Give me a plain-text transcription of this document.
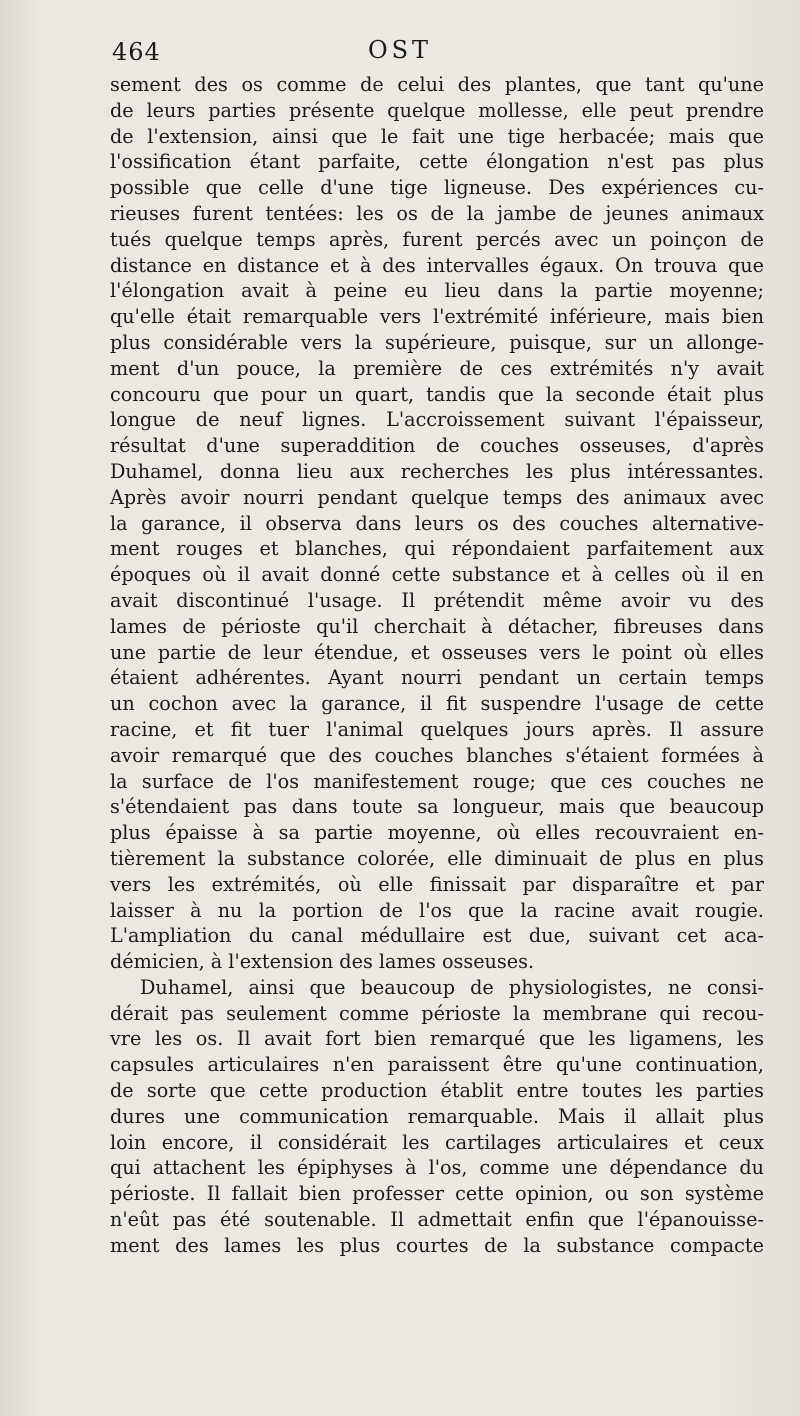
464	OST
sement des os comme de celui des plantes, que tant qu'une
de leurs parties présente quelque mollesse, elle peut prendre
de l'extension, ainsi que le fait une tige herbacée; mais que
l'ossification étant parfaite, cette élongation n'est pas plus
possible que celle d'une tige ligneuse. Des expériences cu-
rieuses furent tentées: les os de la jambe de jeunes animaux
tués quelque temps après, furent percés avec un poinçon de
distance en distance et à des intervalles égaux. On trouva que
l'élongation avait à peine eu lieu dans la partie moyenne;
qu'elle était remarquable vers l'extrémité inférieure, mais bien
plus considérable vers la supérieure, puisque, sur un allonge-
ment d'un pouce, la première de ces extrémités n'y avait
concouru que pour un quart, tandis que la seconde était plus
longue de neuf lignes. L'accroissement suivant l'épaisseur,
résultat d'une superaddition de couches osseuses, d'après
Duhamel, donna lieu aux recherches les plus intéressantes.
Après avoir nourri pendant quelque temps des animaux avec
la garance, il observa dans leurs os des couches alternative-
ment rouges et blanches, qui répondaient parfaitement aux
époques où il avait donné cette substance et à celles où il en
avait discontinué l'usage. Il prétendit même avoir vu des
lames de périoste qu'il cherchait à détacher, fibreuses dans
une partie de leur étendue, et osseuses vers le point où elles
étaient adhérentes. Ayant nourri pendant un certain temps
un cochon avec la garance, il fit suspendre l'usage de cette
racine, et fit tuer l'animal quelques jours après. Il assure
avoir remarqué que des couches blanches s'étaient formées à
la surface de l'os manifestement rouge; que ces couches ne
s'étendaient pas dans toute sa longueur, mais que beaucoup
plus épaisse à sa partie moyenne, où elles recouvraient en-
tièrement la substance colorée, elle diminuait de plus en plus
vers les extrémités, où elle finissait par disparaître et par
laisser à nu la portion de l'os que la racine avait rougie.
L'ampliation du canal médullaire est due, suivant cet aca-
démicien, à l'extension des lames osseuses.
Duhamel, ainsi que beaucoup de physiologistes, ne consi-
dérait pas seulement comme périoste la membrane qui recou-
vre les os. Il avait fort bien remarqué que les ligamens, les
capsules articulaires n'en paraissent être qu'une continuation,
de sorte que cette production établit entre toutes les parties
dures une communication remarquable. Mais il allait plus
loin encore, il considérait les cartilages articulaires et ceux
qui attachent les épiphyses à l'os, comme une dépendance du
périoste. Il fallait bien professer cette opinion, ou son système
n'eût pas été soutenable. Il admettait enfin que l'épanouisse-
ment des lames les plus courtes de la substance compacte
